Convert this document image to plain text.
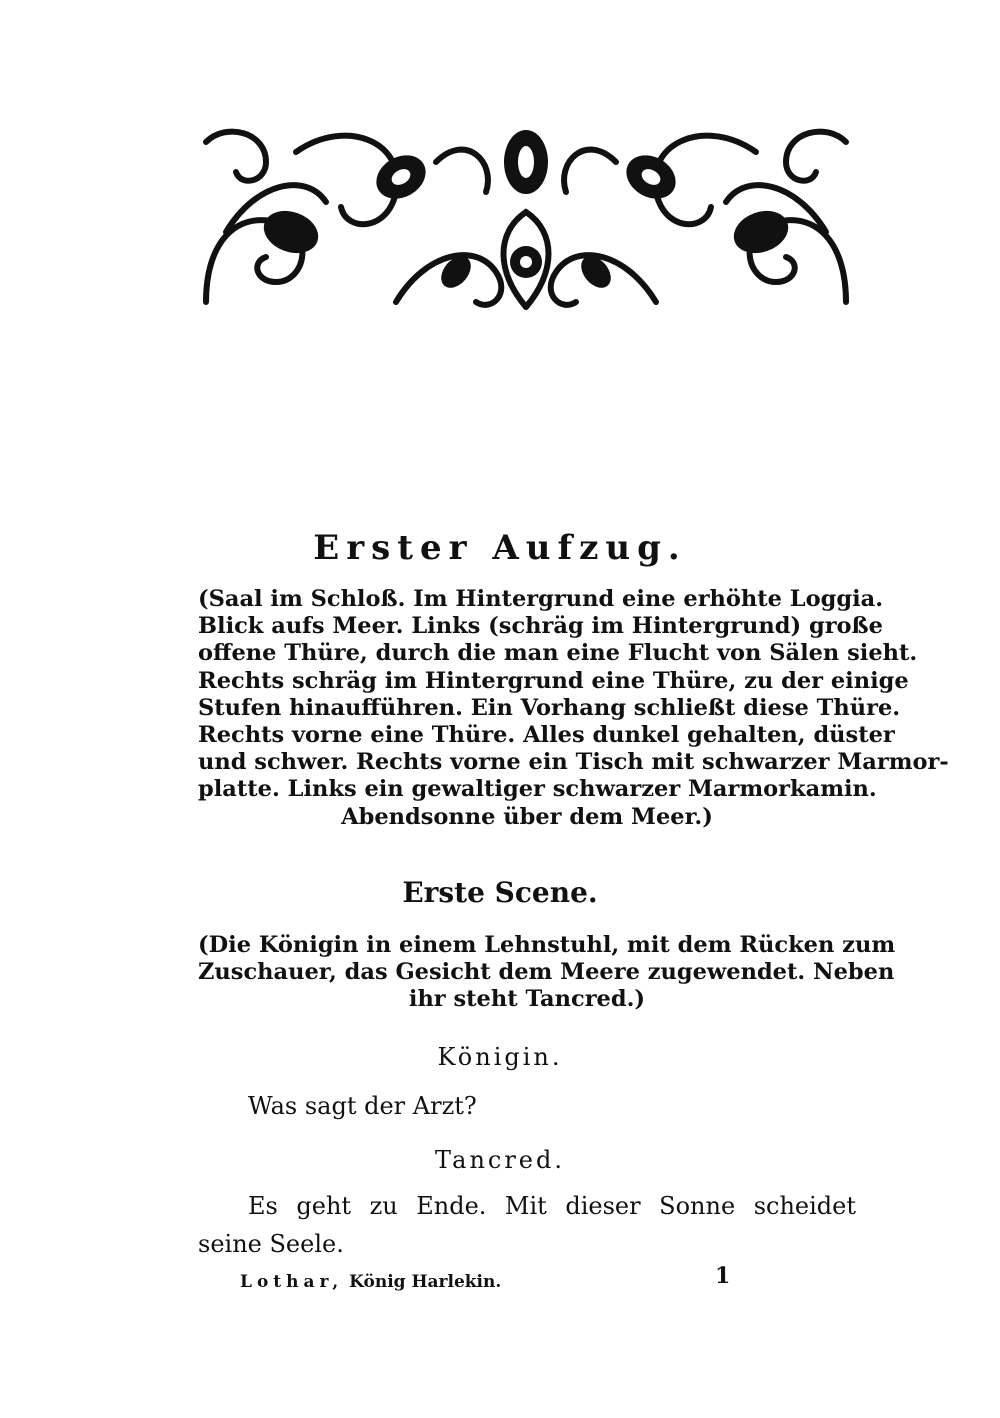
Erster Aufzug.
(Saal im Schloß. Im Hintergrund eine erhöhte Loggia.
Blick aufs Meer. Links (schräg im Hintergrund) große
offene Thüre, durch die man eine Flucht von Sälen sieht.
Rechts schräg im Hintergrund eine Thüre, zu der einige
Stufen hinaufführen. Ein Vorhang schließt diese Thüre.
Rechts vorne eine Thüre. Alles dunkel gehalten, düster
und schwer. Rechts vorne ein Tisch mit schwarzer Marmor-
platte. Links ein gewaltiger schwarzer Marmorkamin.
Abendsonne über dem Meer.)
Erste Scene.
(Die Königin in einem Lehnstuhl, mit dem Rücken zum
Zuschauer, das Gesicht dem Meere zugewendet. Neben
ihr steht Tancred.)
Königin.
Was sagt der Arzt?
Tancred.
Es geht zu Ende. Mit dieser Sonne scheidet
seine Seele.
Lothar, König Harlekin.	1
